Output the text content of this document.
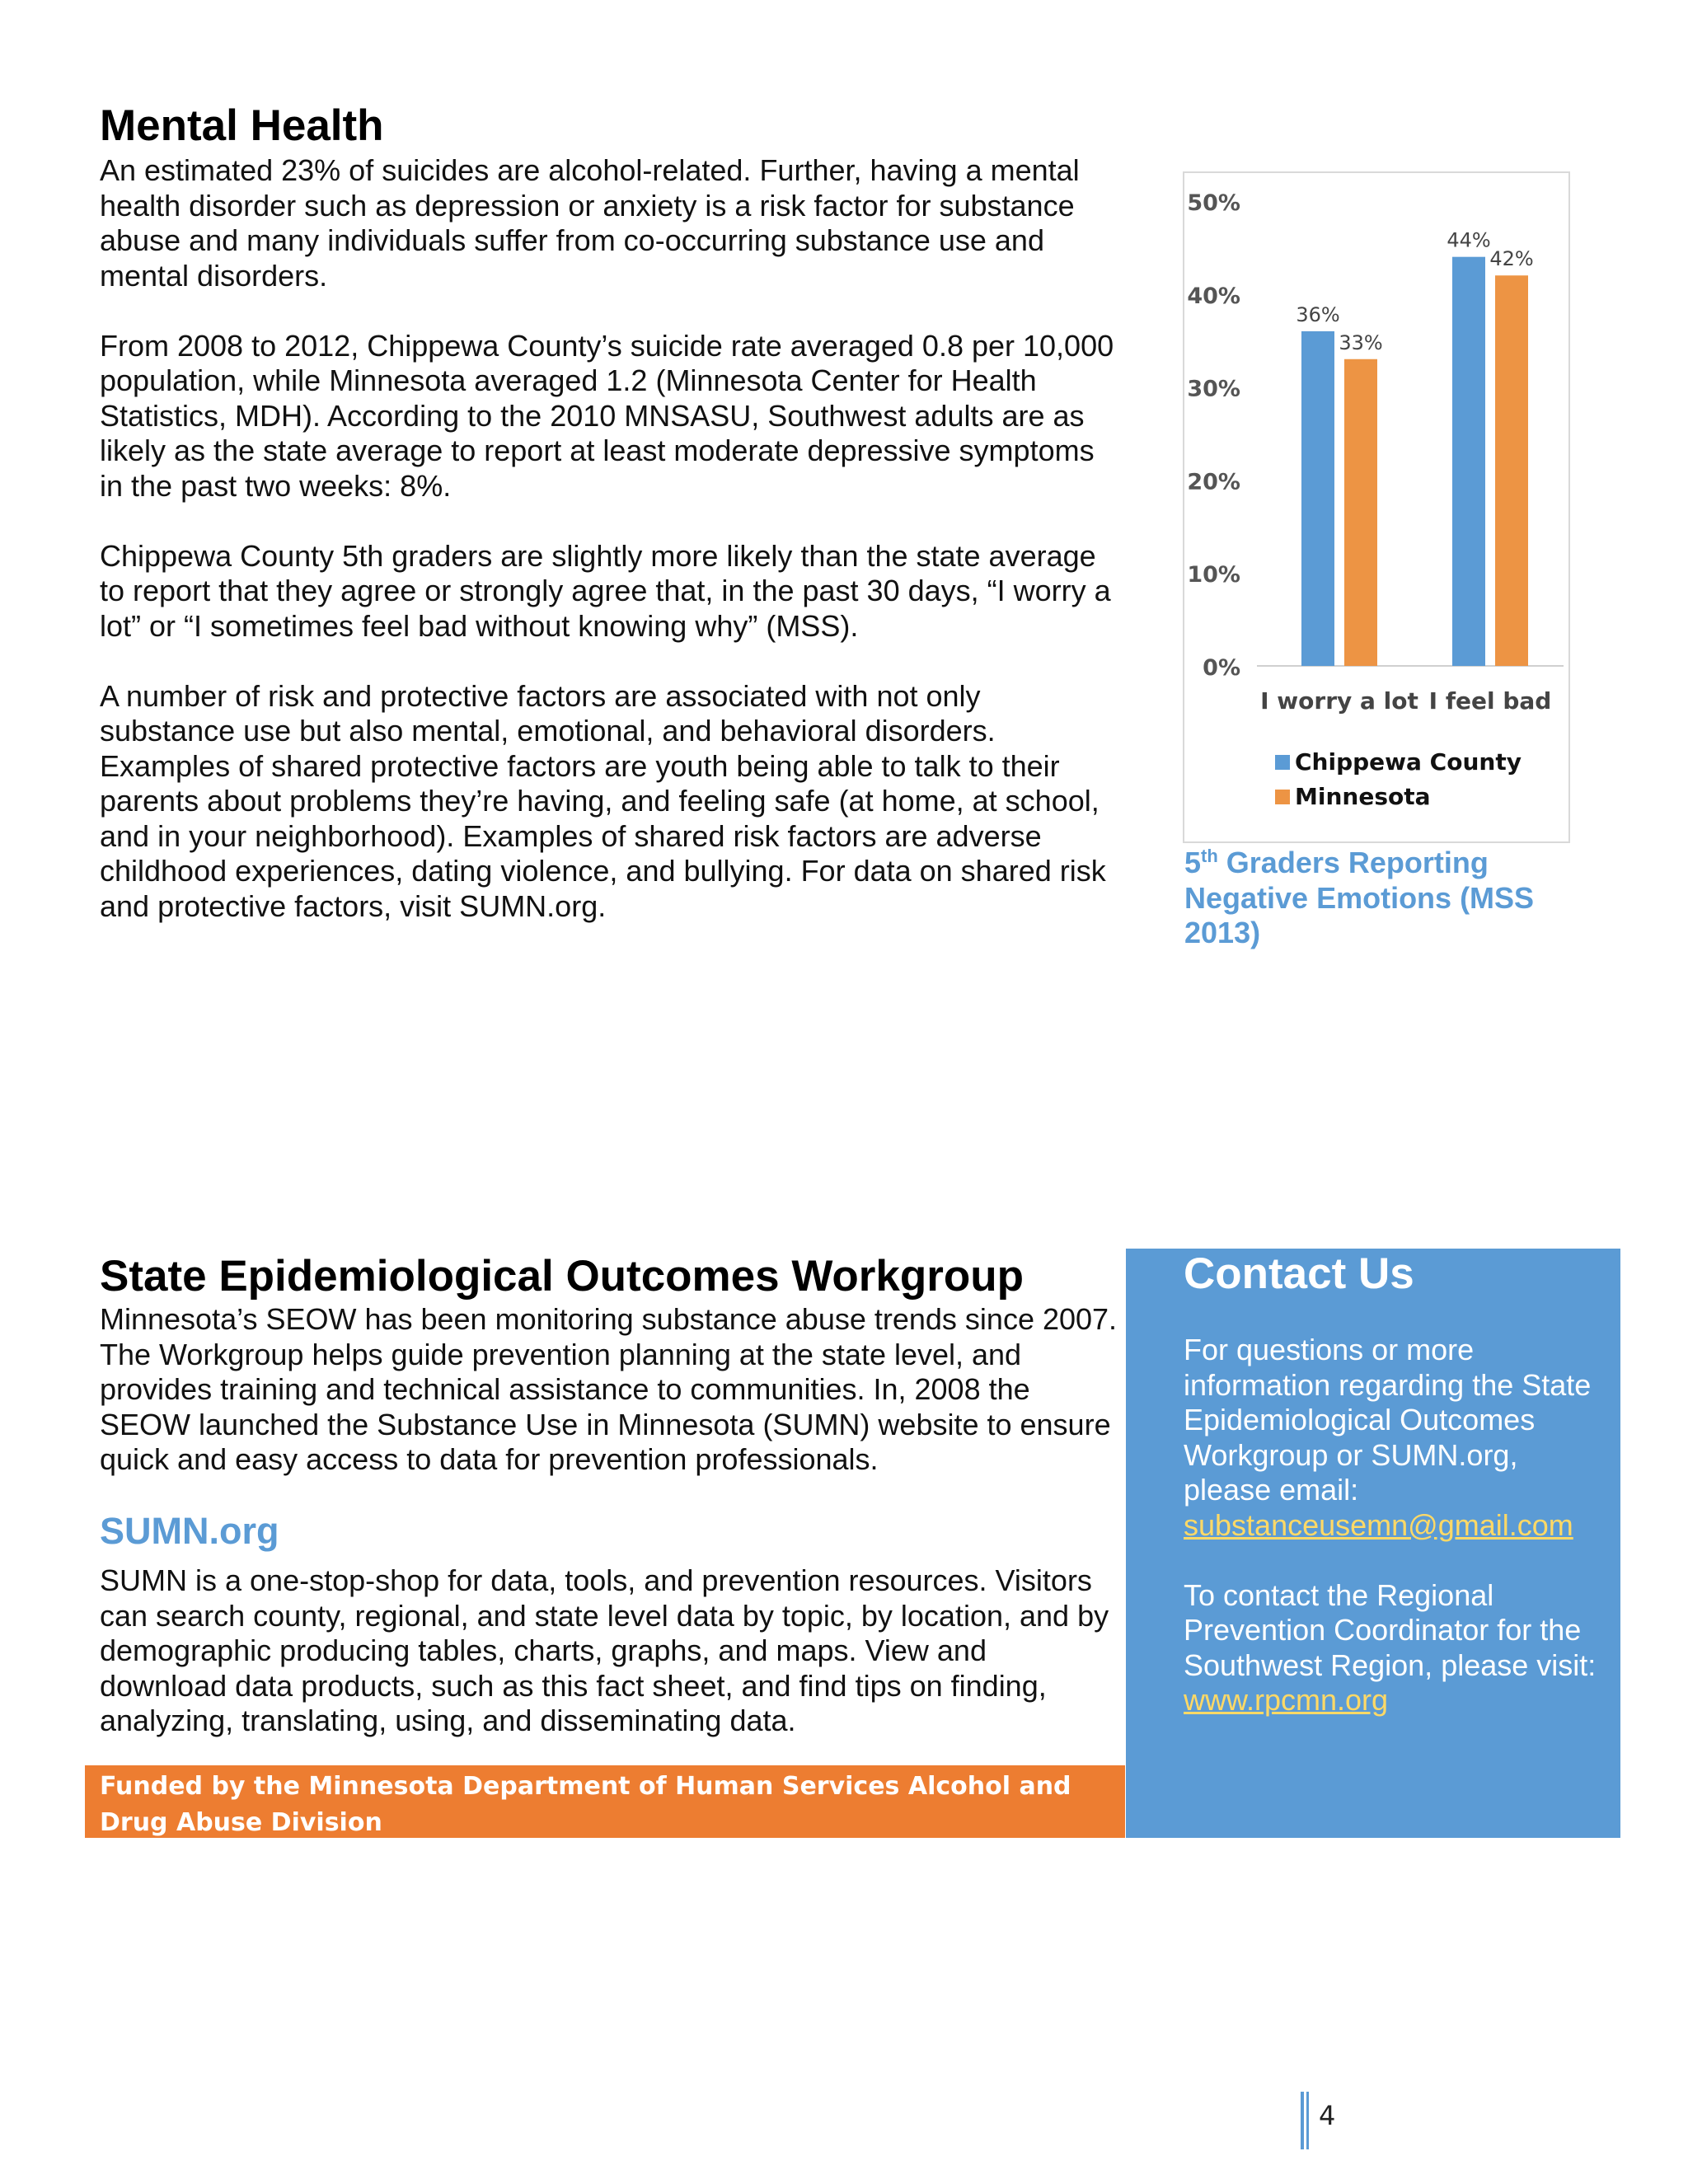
Mental Health

An estimated 23% of suicides are alcohol-related. Further, having a mental health disorder such as depression or anxiety is a risk factor for substance abuse and many individuals suffer from co-occurring substance use and mental disorders.

From 2008 to 2012, Chippewa County’s suicide rate averaged 0.8 per 10,000 population, while Minnesota averaged 1.2 (Minnesota Center for Health Statistics, MDH). According to the 2010 MNSASU, Southwest adults are as likely as the state average to report at least moderate depressive symptoms in the past two weeks: 8%.

Chippewa County 5th graders are slightly more likely than the state average to report that they agree or strongly agree that, in the past 30 days, “I worry a lot” or “I sometimes feel bad without knowing why” (MSS).

A number of risk and protective factors are associated with not only substance use but also mental, emotional, and behavioral disorders. Examples of shared protective factors are youth being able to talk to their parents about problems they’re having, and feeling safe (at home, at school, and in your neighborhood). Examples of shared risk factors are adverse childhood experiences, dating violence, and bullying. For data on shared risk and protective factors, visit SUMN.org.

0%
10%
20%
30%
40%
50%
36%
33%
I worry a lot
44%
42%
I feel bad
Chippewa County
Minnesota
5th Graders Reporting Negative Emotions (MSS 2013)
State Epidemiological Outcomes Workgroup

Minnesota’s SEOW has been monitoring substance abuse trends since 2007. The Workgroup helps guide prevention planning at the state level, and provides training and technical assistance to communities. In, 2008 the SEOW launched the Substance Use in Minnesota (SUMN) website to ensure quick and easy access to data for prevention professionals.

SUMN.org

SUMN is a one-stop-shop for data, tools, and prevention resources. Visitors can search county, regional, and state level data by topic, by location, and by demographic producing tables, charts, graphs, and maps. View and download data products, such as this fact sheet, and find tips on finding, analyzing, translating, using, and disseminating data.

Funded by the Minnesota Department of Human Services Alcohol and Drug Abuse Division
Contact Us

For questions or more information regarding the State Epidemiological Outcomes Workgroup or SUMN.org, please email: substanceusemn@gmail.com

To contact the Regional Prevention Coordinator for the Southwest Region, please visit: www.rpcmn.org

4
